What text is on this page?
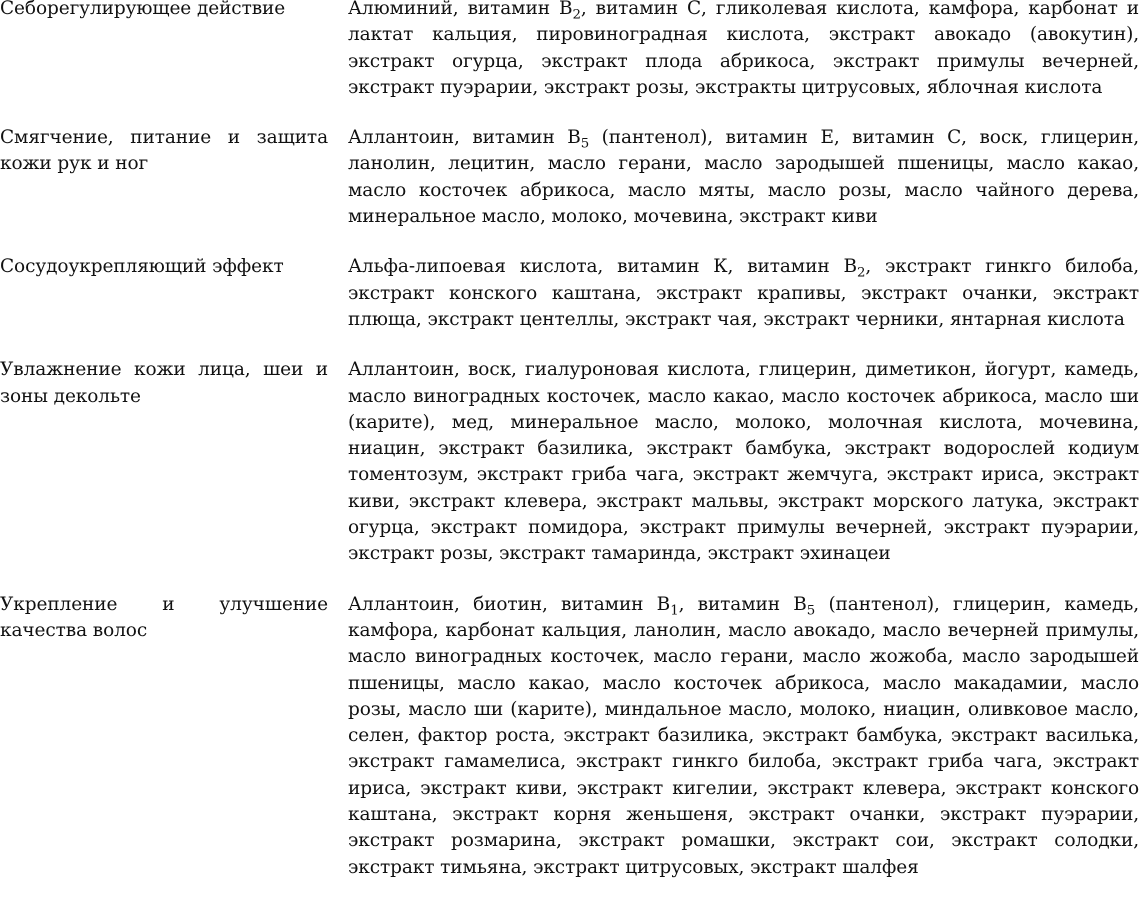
Себорегулирующее действие	Алюминий, витамин $B_2$, витамин С, гликолевая кислота, камфора, карбонат и лактат кальция, пировиноградная кислота, экстракт авокадо (авокутин), экстракт огурца, экстракт плода абрикоса, экстракт примулы вечерней, экстракт пуэрарии, экстракт розы, экстракты цитрусовых, яблочная кислота
Смягчение, питание и защита кожи рук и ног
Аллантоин, витамин $В_5$ (пантенол), витамин Е, витамин С, воск, глицерин, ланолин, лецитин, масло герани, масло зародышей пшеницы, масло какао, масло косточек абрикоса, масло мяты, масло розы, масло чайного дерева, минеральное масло, молоко, мочевина, экстракт киви
Сосудоукрепляющий эффект	Альфа-липоевая кислота, витамин К, витамин $В_2$, экстракт гинкго билоба, экстракт конского каштана, экстракт крапивы, экстракт очанки, экстракт плюща, экстракт центеллы, экстракт чая, экстракт черники, янтарная кислота
Увлажнение кожи лица, шеи и зоны декольте
Аллантоин, воск, гиалуроновая кислота, глицерин, диметикон, йогурт, камедь, масло виноградных косточек, масло какао, масло косточек абрикоса, масло ши (карите), мед, минеральное масло, молоко, молочная кислота, мочевина, ниацин, экстракт базилика, экстракт бамбука, экстракт водорослей кодиум томентозум, экстракт гриба чага, экстракт жемчуга, экстракт ириса, экстракт киви, экстракт клевера, экстракт мальвы, экстракт морского латука, экстракт огурца, экстракт помидора, экстракт примулы вечерней, экстракт пуэрарии, экстракт розы, экстракт тамаринда, экстракт эхинацеи
Укрепление и улучшение качества волос
Аллантоин, биотин, витамин $В_1$, витамин $В_5$ (пантенол), глицерин, камедь, камфора, карбонат кальция, ланолин, масло авокадо, масло вечерней примулы, масло виноградных косточек, масло герани, масло жожоба, масло зародышей пшеницы, масло какао, масло косточек абрикоса, масло макадамии, масло розы, масло ши (карите), миндальное масло, молоко, ниацин, оливковое масло, селен, фактор роста, экстракт базилика, экстракт бамбука, экстракт василька, экстракт гамамелиса, экстракт гинкго билоба, экстракт гриба чага, экстракт ириса, экстракт киви, экстракт кигелии, экстракт клевера, экстракт конского каштана, экстракт корня женьшеня, экстракт очанки, экстракт пуэрарии, экстракт розмарина, экстракт ромашки, экстракт сои, экстракт солодки, экстракт тимьяна, экстракт цитрусовых, экстракт шалфея
